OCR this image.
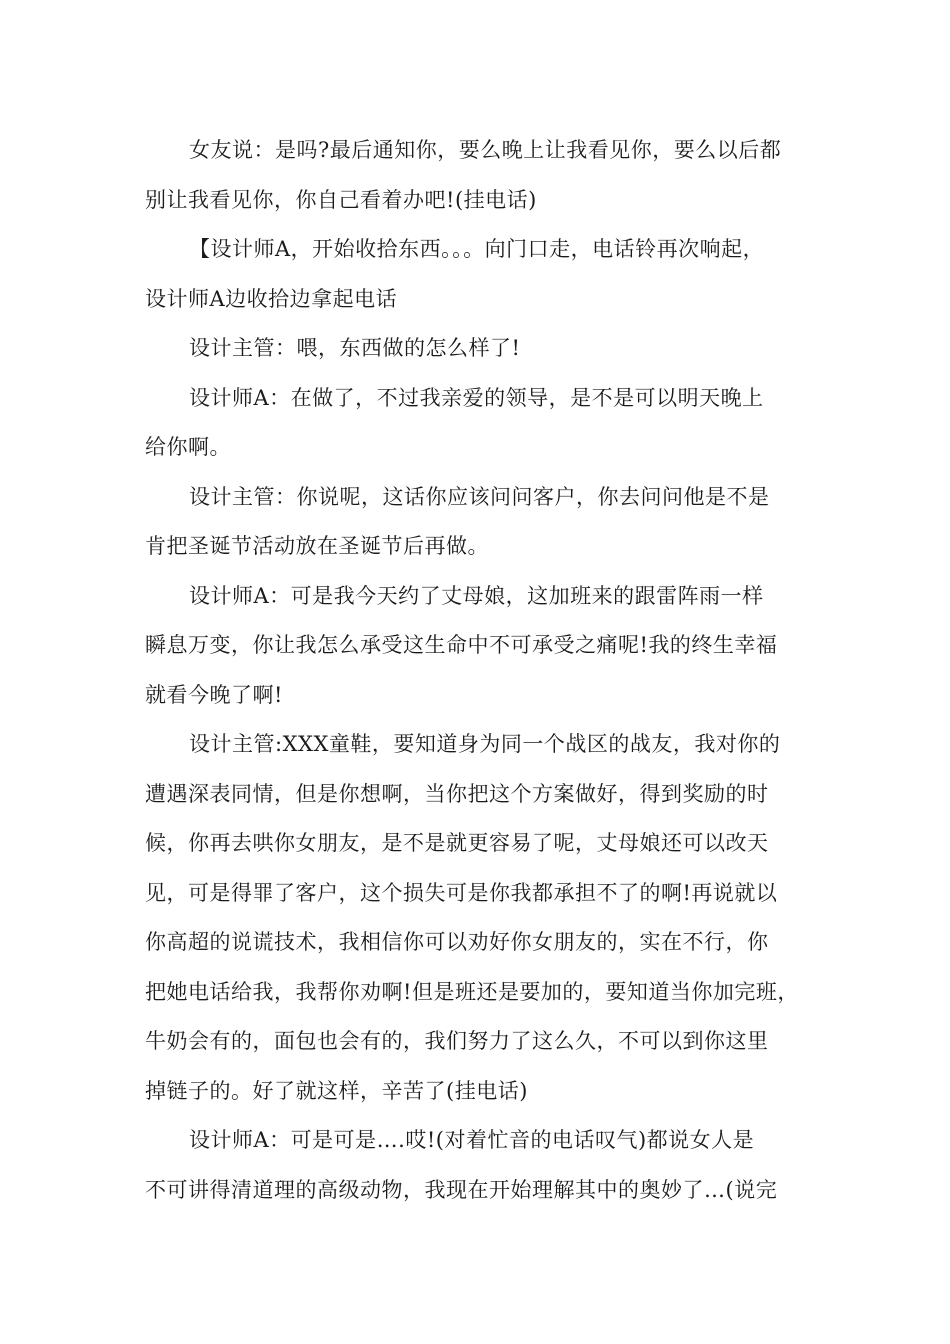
女友说：是吗?最后通知你，要么晚上让我看见你，要么以后都
别让我看见你，你自己看着办吧!(挂电话)

【设计师A，开始收拾东西。。。向门口走，电话铃再次响起，
设计师A边收拾边拿起电话

设计主管：喂，东西做的怎么样了!

设计师A：在做了，不过我亲爱的领导，是不是可以明天晚上
给你啊。

设计主管：你说呢，这话你应该问问客户，你去问问他是不是
肯把圣诞节活动放在圣诞节后再做。

设计师A：可是我今天约了丈母娘，这加班来的跟雷阵雨一样
瞬息万变，你让我怎么承受这生命中不可承受之痛呢!我的终生幸福
就看今晚了啊!

设计主管:XXX童鞋，要知道身为同一个战区的战友，我对你的
遭遇深表同情，但是你想啊，当你把这个方案做好，得到奖励的时
候，你再去哄你女朋友，是不是就更容易了呢，丈母娘还可以改天
见，可是得罪了客户，这个损失可是你我都承担不了的啊!再说就以
你高超的说谎技术，我相信你可以劝好你女朋友的，实在不行，你
把她电话给我，我帮你劝啊!但是班还是要加的，要知道当你加完班，
牛奶会有的，面包也会有的，我们努力了这么久，不可以到你这里
掉链子的。好了就这样，辛苦了(挂电话)

设计师A：可是可是….哎!(对着忙音的电话叹气)都说女人是
不可讲得清道理的高级动物，我现在开始理解其中的奥妙了…(说完
